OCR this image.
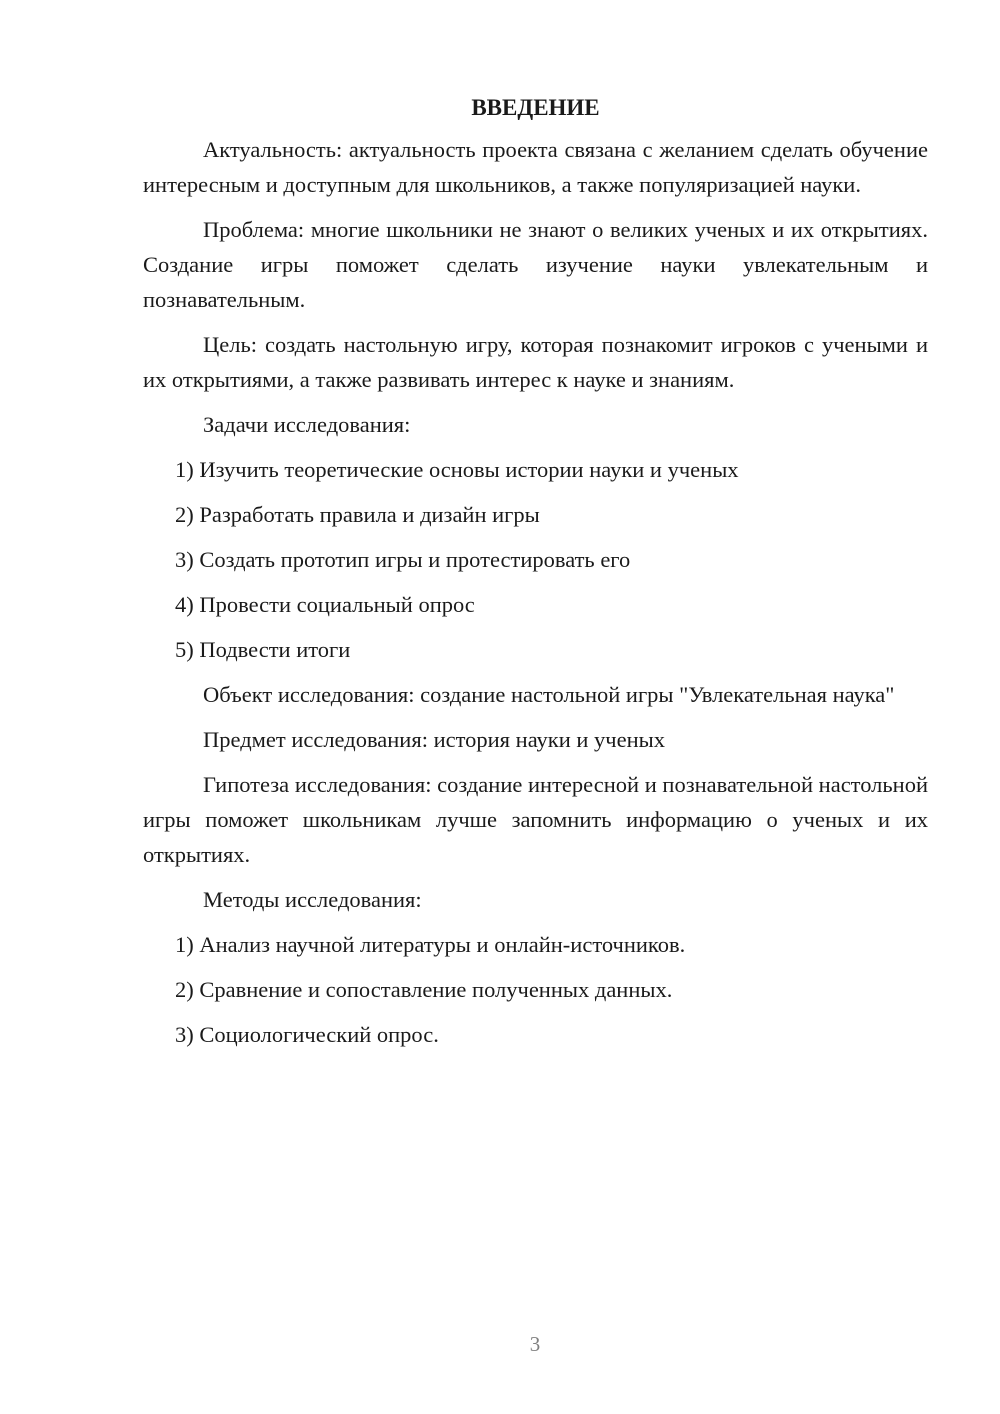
ВВЕДЕНИЕ

Актуальность: актуальность проекта связана с желанием сделать обучение интересным и доступным для школьников, а также популяризацией науки.

Проблема: многие школьники не знают о великих ученых и их открытиях. Создание игры поможет сделать изучение науки увлекательным и познавательным.

Цель: создать настольную игру, которая познакомит игроков с учеными и их открытиями, а также развивать интерес к науке и знаниям.

Задачи исследования:
1) Изучить теоретические основы истории науки и ученых
2) Разработать правила и дизайн игры
3) Создать прототип игры и протестировать его
4) Провести социальный опрос
5) Подвести итоги

Объект исследования: создание настольной игры "Увлекательная наука"

Предмет исследования: история науки и ученых

Гипотеза исследования: создание интересной и познавательной настольной игры поможет школьникам лучше запомнить информацию о ученых и их открытиях.

Методы исследования:
1) Анализ научной литературы и онлайн-источников.
2) Сравнение и сопоставление полученных данных.
3) Социологический опрос.
3
